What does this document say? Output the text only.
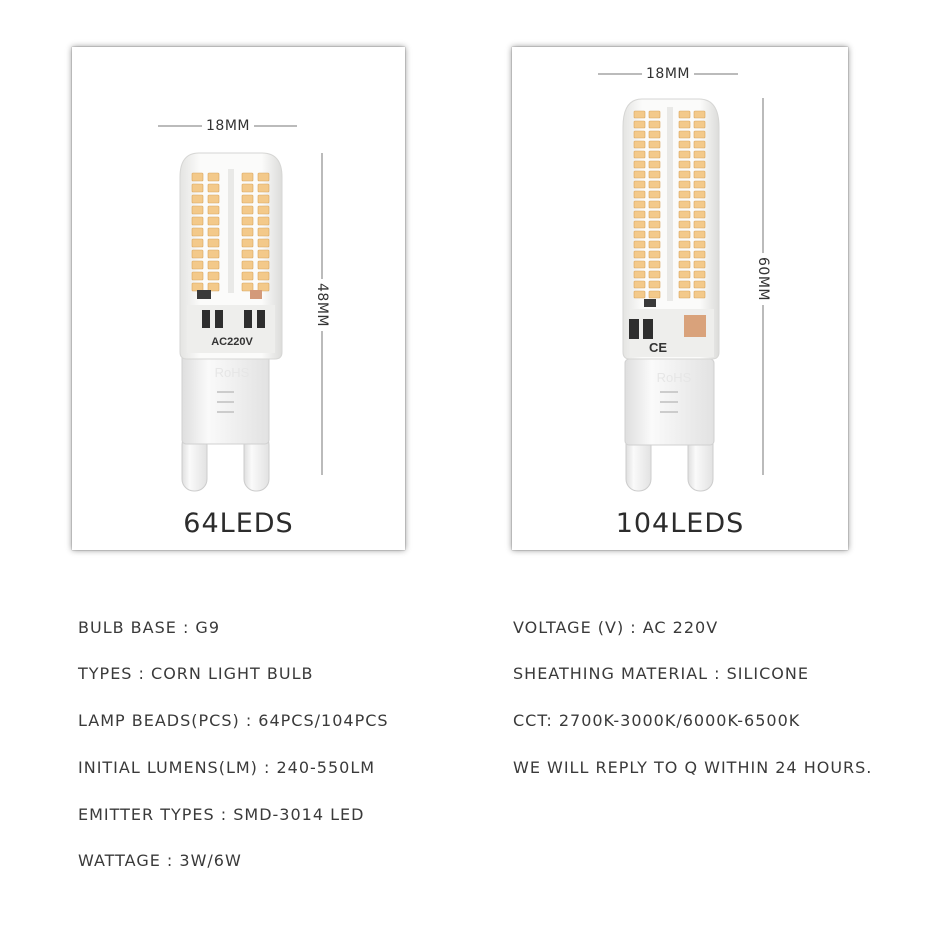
AC220V
RoHS
18MM
48MM
64LEDS
CE
RoHS
18MM
60MM
104LEDS
BULB BASE : G9
TYPES : CORN LIGHT BULB
LAMP BEADS(PCS) : 64PCS/104PCS
INITIAL LUMENS(LM) : 240-550LM
EMITTER TYPES : SMD-3014 LED
WATTAGE : 3W/6W
VOLTAGE (V) : AC 220V
SHEATHING MATERIAL : SILICONE
CCT: 2700K-3000K/6000K-6500K
WE WILL REPLY TO Q WITHIN 24 HOURS.
